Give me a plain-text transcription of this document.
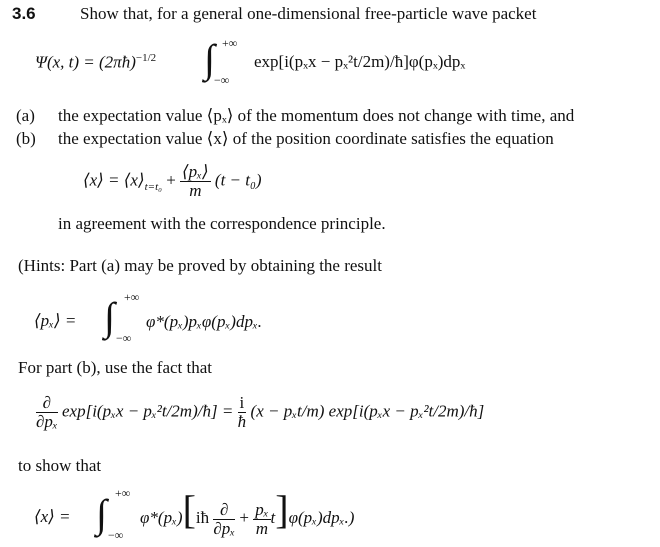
3.6	Show that, for a general one-dimensional free-particle wave packet
Ψ(x, t) = (2πħ)$^{-1/2}$ ∫ +∞
−∞
exp[i(pₓx − pₓ²t/2m)/ħ]φ(pₓ)dpₓ
(a) the expectation value ⟨pₓ⟩ of the momentum does not change with time, and
(b) the expectation value ⟨x⟩ of the position coordinate satisfies the equation
⟨x⟩ = $⟨x⟩_{t=t_0} + \frac{\text{⟨pₓ⟩}}{m} (t - t_0)$
in agreement with the correspondence principle.
(Hints: Part (a) may be proved by obtaining the result
⟨pₓ⟩ = ∫ +∞
−∞
φ*(pₓ)pₓφ(pₓ)dpₓ.
For part (b), use the fact that
$\frac{\partial}{\text{∂pₓ}} \exp[i(p_xx$ − pₓ²t/2m)/ħ] = $\frac{i}{ħ} (x - p_xt/m) \exp[i(p_xx$ − pₓ²t/2m)/ħ]
to show that
⟨x⟩ = ∫ +∞
−∞
φ*(pₓ)[iħ $\frac{\partial}{\text{∂pₓ}} + \frac{\text{pₓ}}{m} t]\varphi(p_x)dp_x$.)
